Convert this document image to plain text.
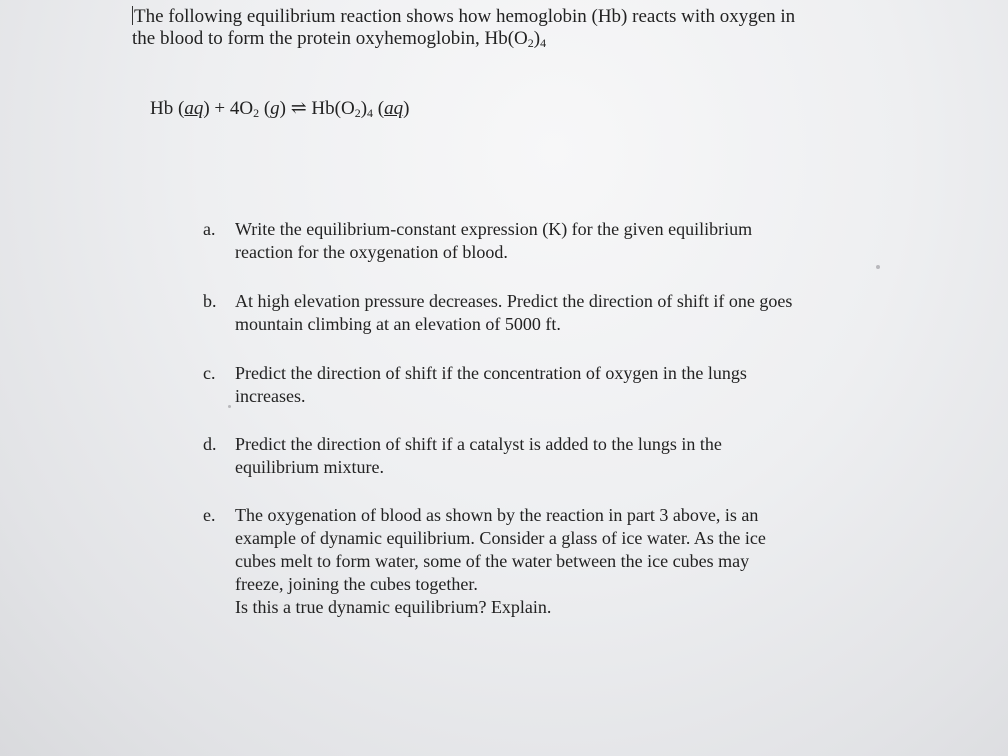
The following equilibrium reaction shows how hemoglobin (Hb) reacts with oxygen in
the blood to form the protein oxyhemoglobin, $Hb(O_2)_4$

Hb $(aq) + 4O_2$ (g) ⇌ $Hb(O_2)_4$ (aq)

a.	Write the equilibrium-constant expression (K) for the given equilibrium
reaction for the oxygenation of blood.
b.	At high elevation pressure decreases. Predict the direction of shift if one goes
mountain climbing at an elevation of 5000 ft.
c.	Predict the direction of shift if the concentration of oxygen in the lungs
increases.
d.	Predict the direction of shift if a catalyst is added to the lungs in the
equilibrium mixture.
e.	The oxygenation of blood as shown by the reaction in part 3 above, is an
example of dynamic equilibrium. Consider a glass of ice water. As the ice
cubes melt to form water, some of the water between the ice cubes may
freeze, joining the cubes together.
Is this a true dynamic equilibrium? Explain.
